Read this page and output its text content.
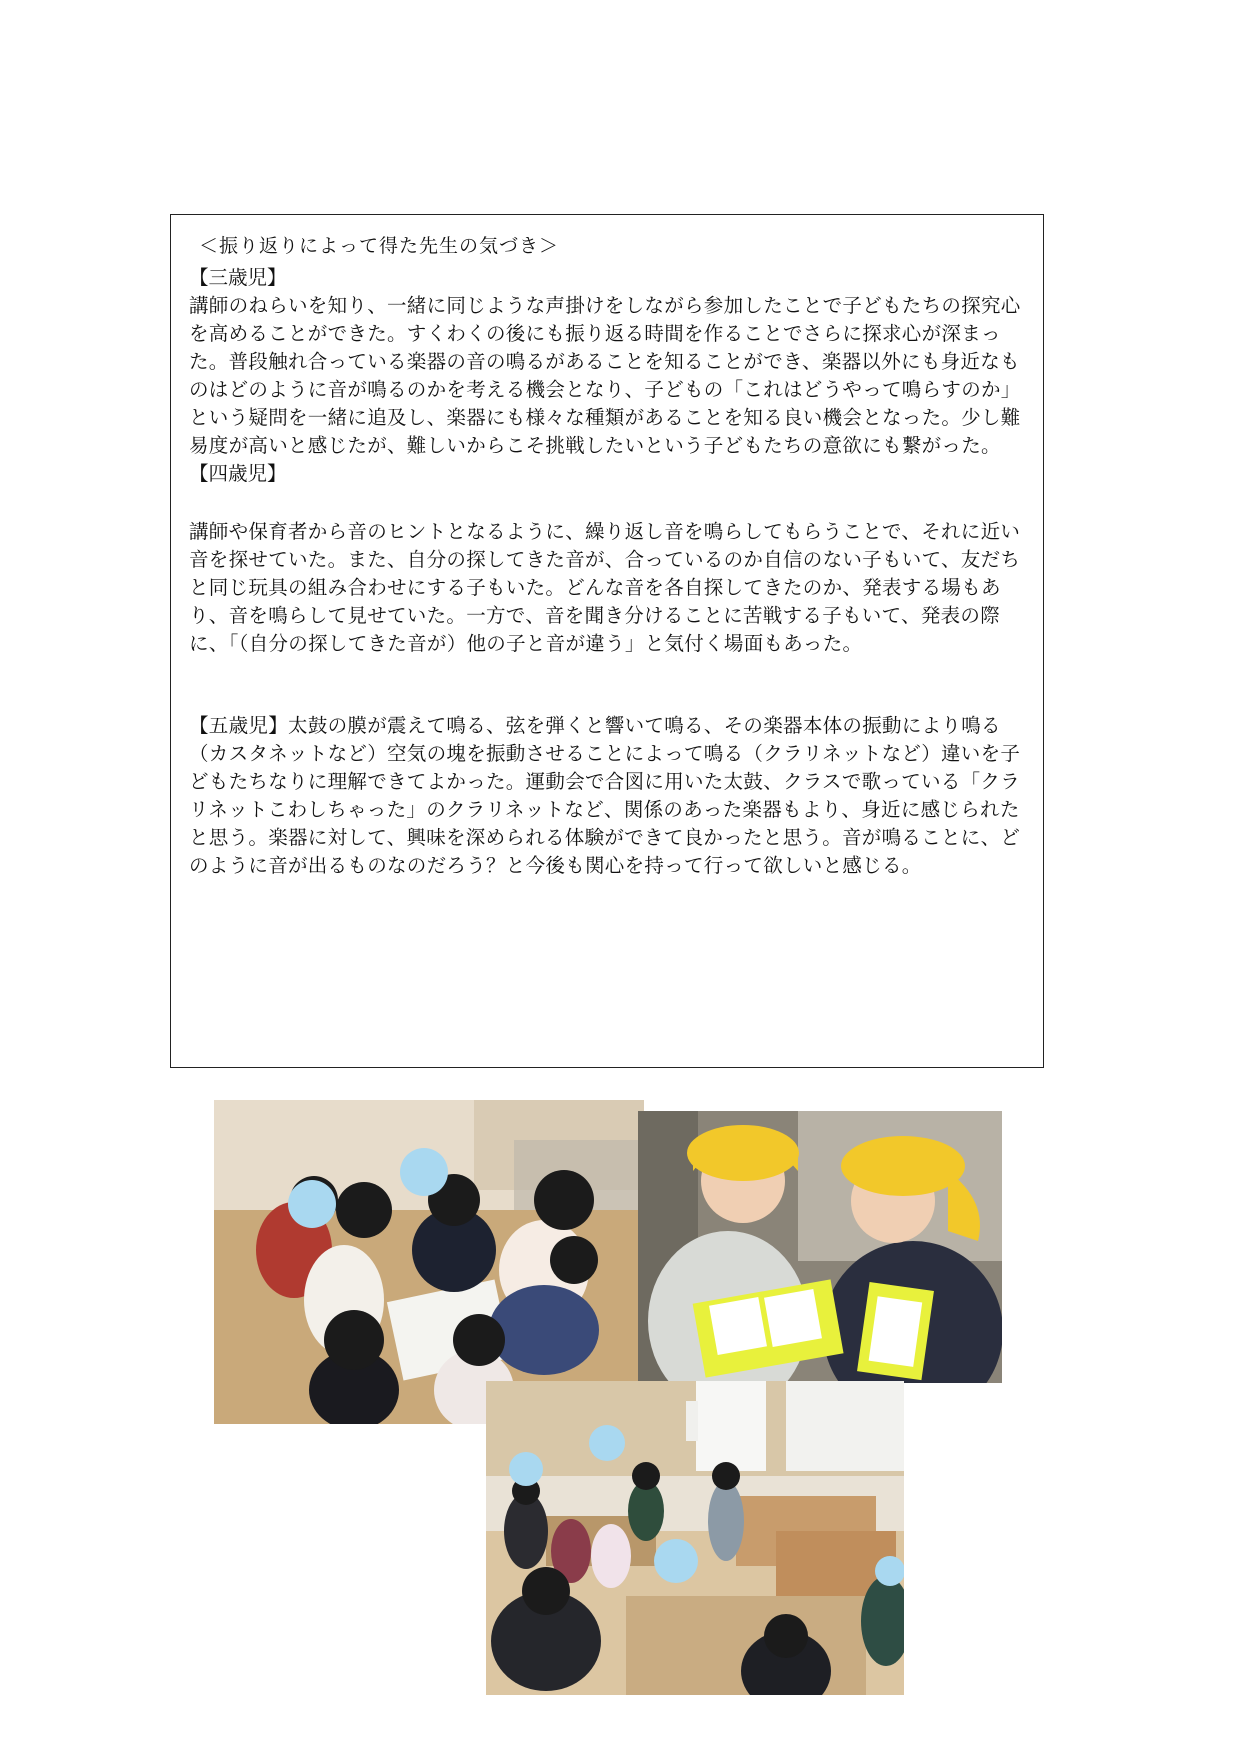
＜振り返りによって得た先生の気づき＞
【三歳児】

講師のねらいを知り、一緒に同じような声掛けをしながら参加したことで子どもたちの探究心を高めることができた。すくわくの後にも振り返る時間を作ることでさらに探求心が深まった。普段触れ合っている楽器の音の鳴るがあることを知ることができ、楽器以外にも身近なものはどのように音が鳴るのかを考える機会となり、子どもの「これはどうやって鳴らすのか」という疑問を一緒に追及し、楽器にも様々な種類があることを知る良い機会となった。少し難易度が高いと感じたが、難しいからこそ挑戦したいという子どもたちの意欲にも繋がった。

【四歳児】

講師や保育者から音のヒントとなるように、繰り返し音を鳴らしてもらうことで、それに近い音を探せていた。また、自分の探してきた音が、合っているのか自信のない子もいて、友だちと同じ玩具の組み合わせにする子もいた。どんな音を各自探してきたのか、発表する場もあり、音を鳴らして見せていた。一方で、音を聞き分けることに苦戦する子もいて、発表の際に、「（自分の探してきた音が）他の子と音が違う」と気付く場面もあった。

【五歳児】太鼓の膜が震えて鳴る、弦を弾くと響いて鳴る、その楽器本体の振動により鳴る（カスタネットなど）空気の塊を振動させることによって鳴る（クラリネットなど）違いを子どもたちなりに理解できてよかった。運動会で合図に用いた太鼓、クラスで歌っている「クラリネットこわしちゃった」のクラリネットなど、関係のあった楽器もより、身近に感じられたと思う。楽器に対して、興味を深められる体験ができて良かったと思う。音が鳴ることに、どのように音が出るものなのだろう？と今後も関心を持って行って欲しいと感じる。
